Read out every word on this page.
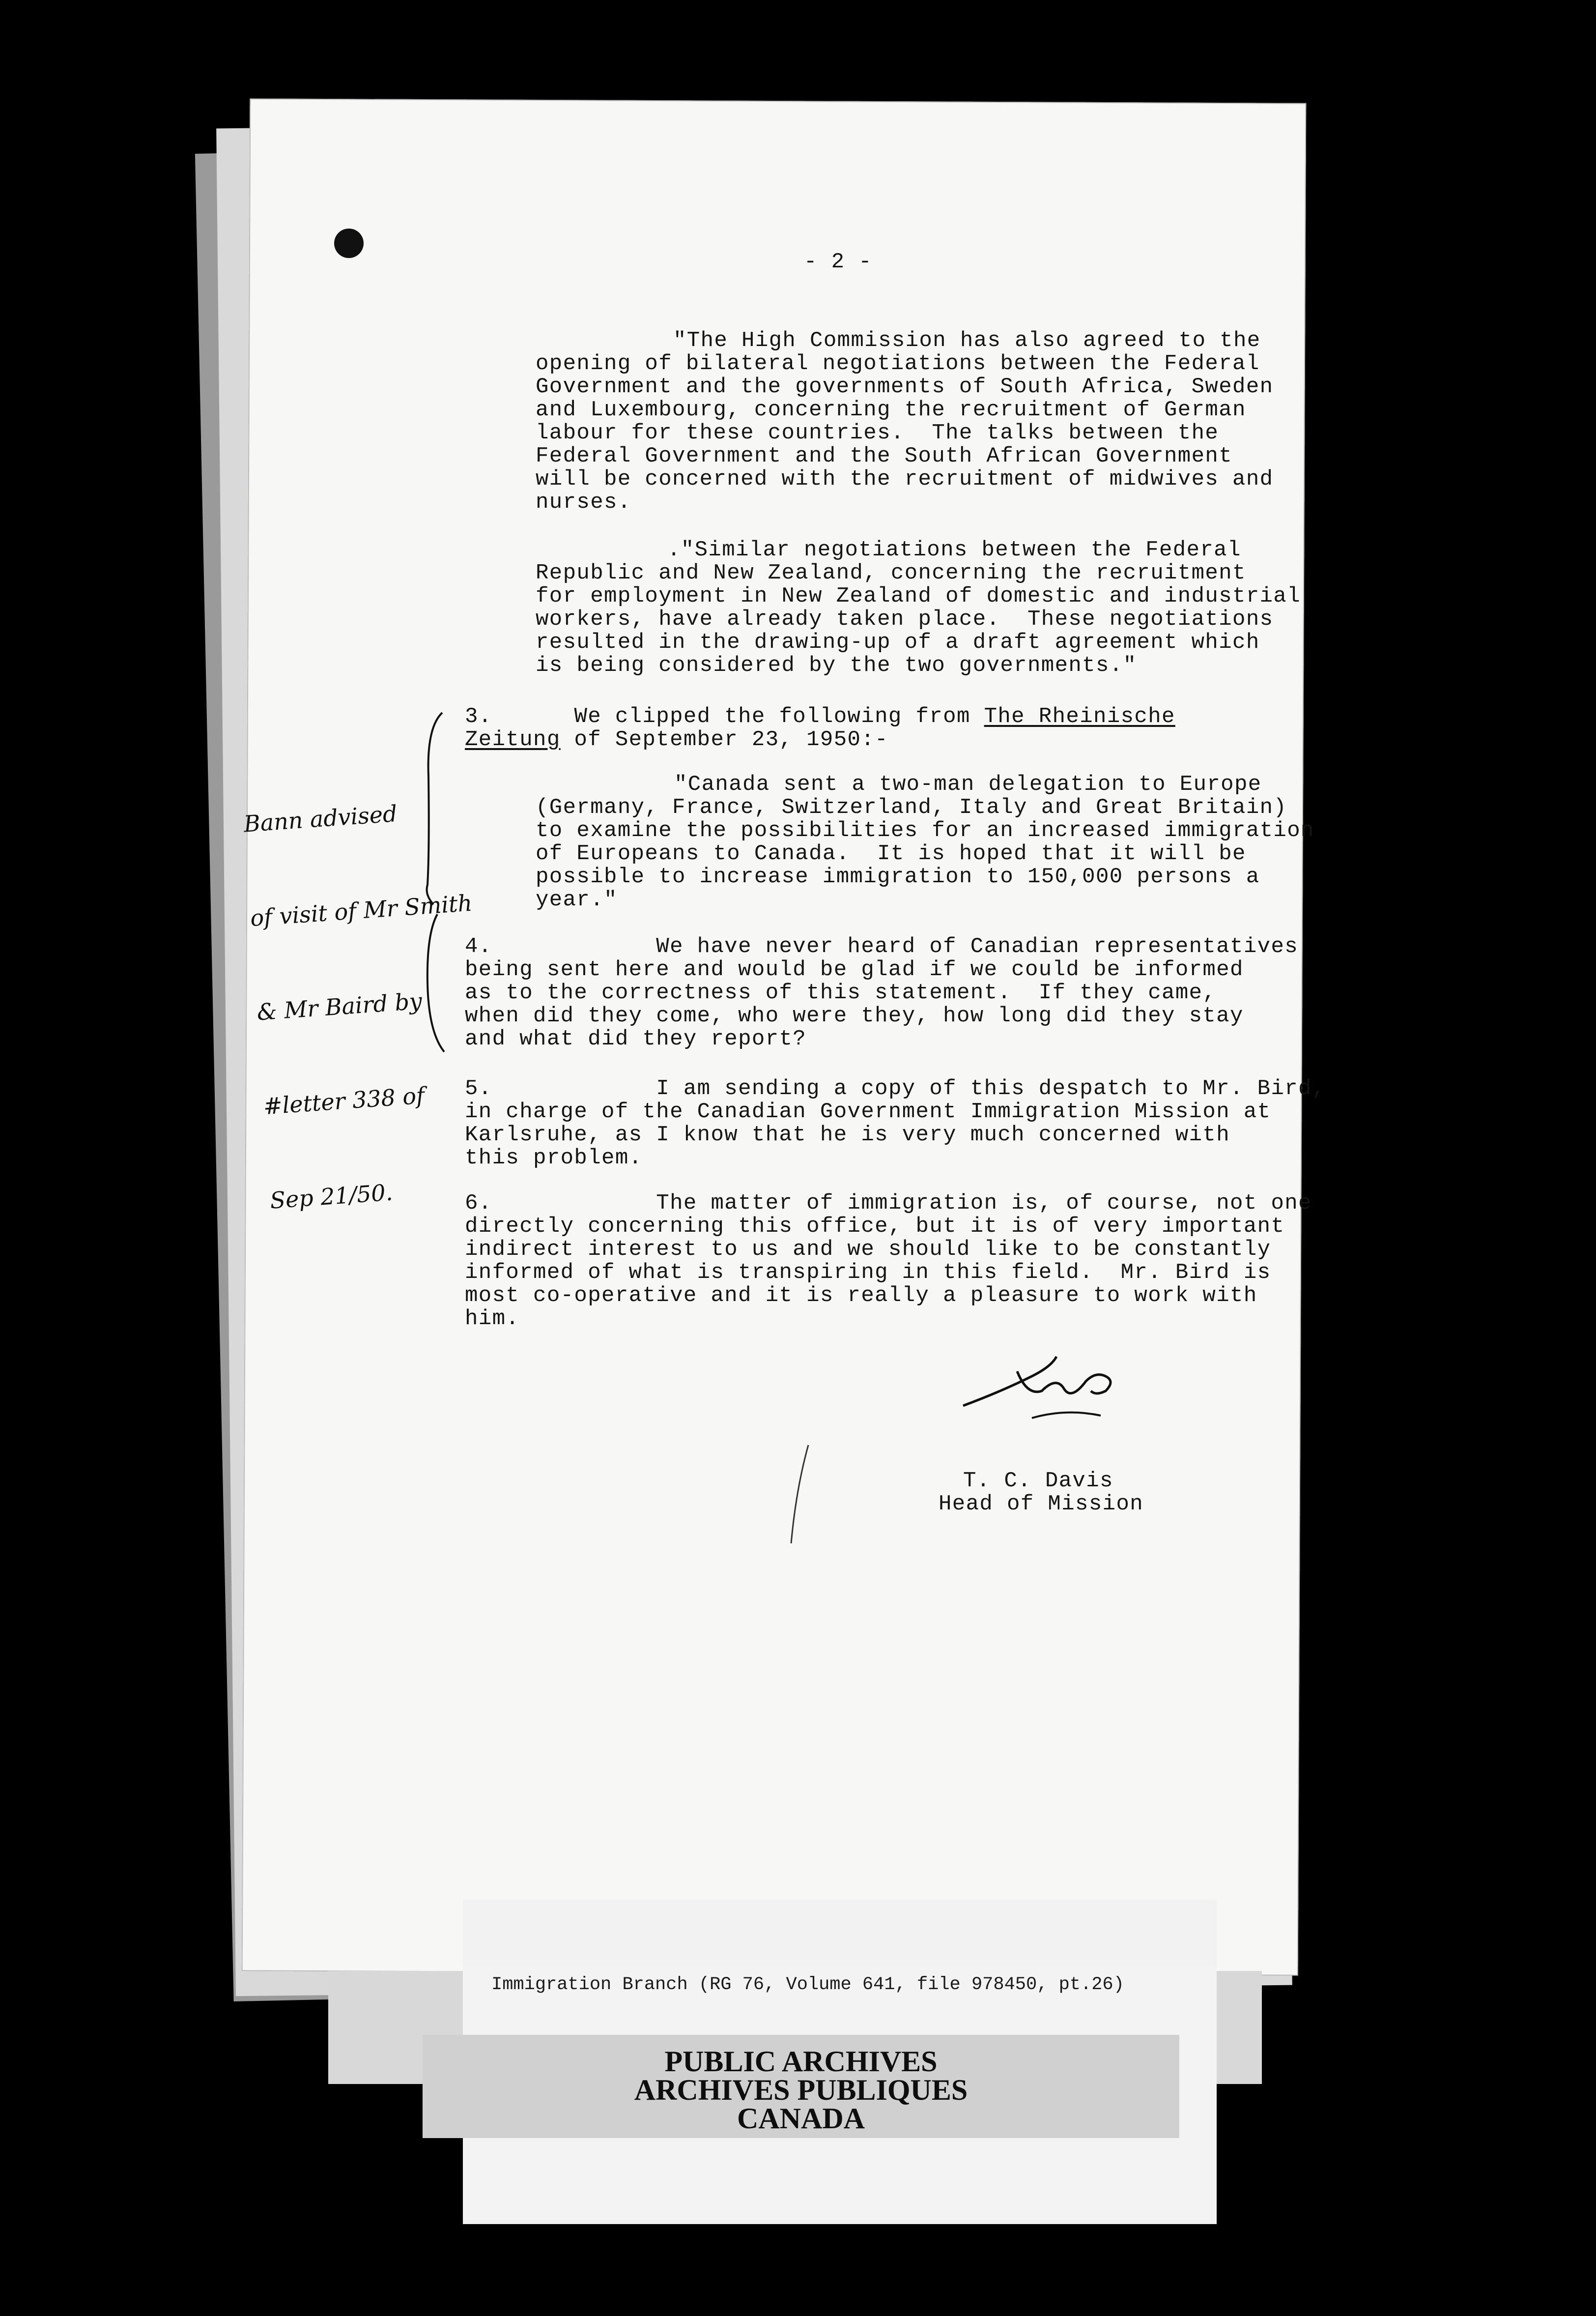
- 2 -
"The High Commission has also agreed to the
opening of bilateral negotiations between the Federal
Government and the governments of South Africa, Sweden
and Luxembourg, concerning the recruitment of German
labour for these countries.  The talks between the
Federal Government and the South African Government
will be concerned with the recruitment of midwives and
nurses.
."Similar negotiations between the Federal
Republic and New Zealand, concerning the recruitment
for employment in New Zealand of domestic and industrial
workers, have already taken place.  These negotiations
resulted in the drawing-up of a draft agreement which
is being considered by the two governments."
3.	We clipped the following from The Rheinische
Zeitung of September 23, 1950:-
"Canada sent a two-man delegation to Europe
(Germany, France, Switzerland, Italy and Great Britain)
to examine the possibilities for an increased immigration
of Europeans to Canada.  It is hoped that it will be
possible to increase immigration to 150,000 persons a
year."
4.	We have never heard of Canadian representatives
being sent here and would be glad if we could be informed
as to the correctness of this statement.  If they came,
when did they come, who were they, how long did they stay
and what did they report?
5.	I am sending a copy of this despatch to Mr. Bird,
in charge of the Canadian Government Immigration Mission at
Karlsruhe, as I know that he is very much concerned with
this problem.
6.	The matter of immigration is, of course, not one
directly concerning this office, but it is of very important
indirect interest to us and we should like to be constantly
informed of what is transpiring in this field.  Mr. Bird is
most co-operative and it is really a pleasure to work with
him.

Bann advised

of visit of Mr Smith

& Mr Baird by

#letter 338 of

Sep 21/50.

T. C. Davis
Head of Mission
Immigration Branch (RG 76, Volume 641, file 978450, pt.26)
PUBLIC ARCHIVES
ARCHIVES PUBLIQUES
CANADA
